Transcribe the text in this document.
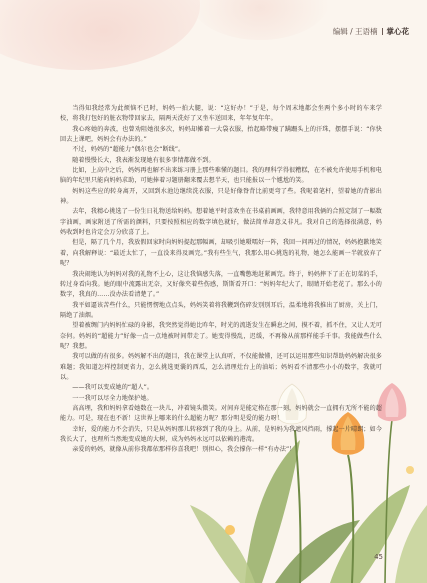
编辑 / 王语楠 掌心花

当得知我经常为此烦恼不已时，妈妈一拍大腿，说：“这好办！”于是，每个周末地都会坐两个多小时的车来学校，将我打包好的脏衣物带回家去，隔两天洗好了又坐车送回来，年年复年年。

我心疼她的奔波，也曾劝阻她很多次，妈妈却摊着一大袋衣服，抬起略带瘦了蹒跚头上的汗珠，摆摆手说：“你快回去上课吧，妈妈会有办法的。”

不过，妈妈的“超能力”偶尔也会“断线”。

随着慢慢长大，我表渐发现她有很多事情都做不到。

比如，上高中之后，妈妈再也解不出来练习册上那些难懂的题目。我的理科学得很糟糕，在不被允许使用手机和电脑的年纪里只能向妈妈求助，可她捧着习题册翻来覆去想半天，也只能报以一个尴尬的笑。

妈妈这些应的转身离开，又回到水池边继续洗衣服，只是好像脊背比前更弯了些。我呢着笔杆，望着她的背影出神。

去年，我精心挑选了一份生日礼物送给妈妈。想着她平时喜欢坐在书桌前画画，我特意用我俩的合照定制了一幅数字油画，画家附送了所需的颜料，只要按照相应的数字填色就好，做法简单却意义非凡。我对自己的选择很满意，妈妈收到时也肯定会万分欣喜了上。

但是，隔了几个月，我放假回家时向妈妈提起那幅画，却吸引她嗫嚅好一阵，我回一问再过的情况，妈妈抱歉地笑着，向我解释说：“最近太忙了，一直没来得及画完。”我有些生气，我那么用心挑选的礼物，她怎么能画一半就放弃了呢？

我决闹地认为妈妈对我的礼物不上心，这让我恼感失落，一直嘴憋地赶紧画完。终于，妈妈摔下了正在切菜的手，转过身看向我。她的眼中流露出无奈，又好像夹着些伤感，斯斯看开口：“妈妈年纪大了，眼睛开始老花了。那么小的数字，我真的……没办法看清楚了。”

我平如逼该苦些什么，只能愣愣地点点头，妈妈笑着将我鞭到伤碎发别别耳后，温柔地将我推出了厨房，关上门，隔绝了油烟。

望着被绸门内妈妈忙碌的身影，我突然觉得她比昨年，时光的流逝发生在瞬息之间，摸不着，抓不住，又让人无可奈何。妈妈的“超能力”好像一点一点地被时间带走了。她变得慢乱，迟缓，不再像从前那样能手千事。我能做些什么呢？我想。

我可以做的有很多。妈妈解不出的题目，我在课堂上认真听，不仅能做懂，还可以运用那些知识帮助妈妈解决很多难题；我知道怎样控制更省力，怎么挑选更囊的西瓜，怎么清理灶台上的油垢；妈妈看不清那些小小的数字，我就可以。

——我可以变成她的“超人”。

一一我可以尽全力地保护她。

高高埋，我和妈妈拿看她数在一块儿，冲着镜头微笑。对间弃是能定格在那一刻，妈妈就会一直拥有无所不能的超能力。可是，现在也不新！这世界上哪来的什么超能力呢？那分明是爱的能力呀！

幸好，爱的能力不会消失，只是从妈妈那儿转移到了我的身上。从前，是妈妈为我遮风挡雨，撑起一片晴朗；如今我长大了，也理所当然地变成她的大树，成为妈妈永远可以依赖的港湾。

亲爱的妈妈，就像从前你我都依那样你喜我吧！别担心，我会撑你一样“有办法”！

45
